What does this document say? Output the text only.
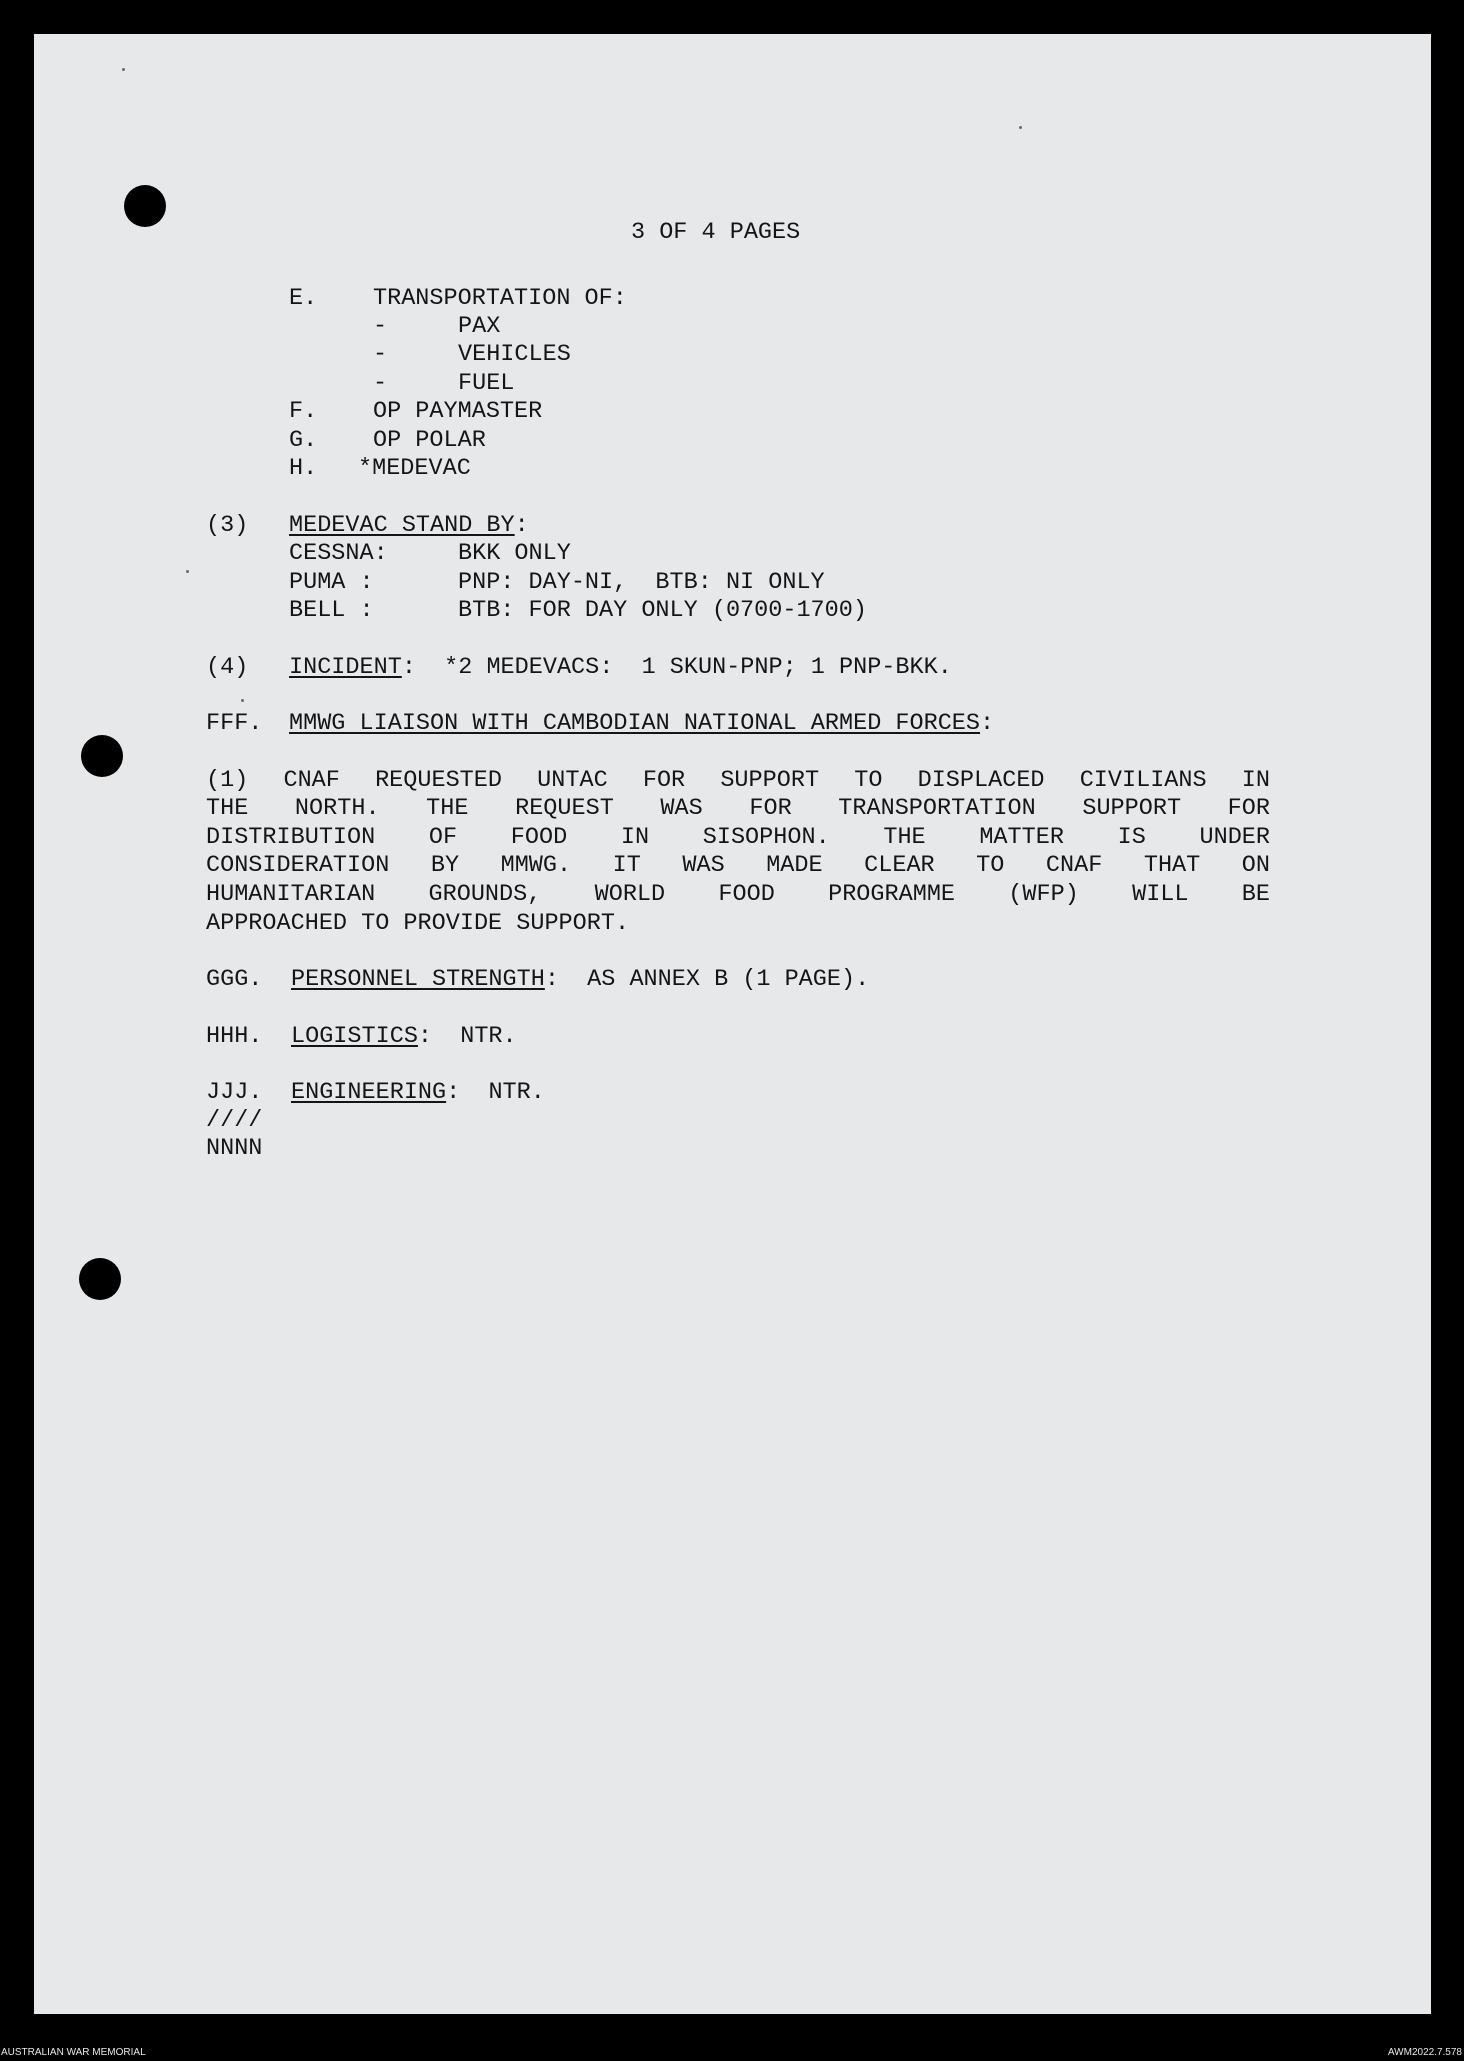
3 OF 4 PAGES
E. TRANSPORTATION OF:
-	PAX
-	VEHICLES
-	FUEL
F. OP PAYMASTER
G. OP POLAR
H. *MEDEVAC
(3) MEDEVAC STAND BY:
CESSNA:	BKK ONLY
PUMA :	PNP: DAY-NI,  BTB: NI ONLY
BELL :	BTB: FOR DAY ONLY (0700-1700)
(4) INCIDENT:  *2 MEDEVACS:  1 SKUN-PNP; 1 PNP-BKK.
FFF. MMWG LIAISON WITH CAMBODIAN NATIONAL ARMED FORCES:
(1) CNAF REQUESTED UNTAC FOR SUPPORT TO DISPLACED CIVILIANS IN
THE NORTH. THE REQUEST WAS FOR TRANSPORTATION SUPPORT FOR
DISTRIBUTION OF FOOD IN SISOPHON. THE MATTER IS UNDER
CONSIDERATION BY MMWG. IT WAS MADE CLEAR TO CNAF THAT ON
HUMANITARIAN GROUNDS, WORLD FOOD PROGRAMME (WFP) WILL BE
APPROACHED TO PROVIDE SUPPORT.
GGG. PERSONNEL STRENGTH:  AS ANNEX B (1 PAGE).
HHH. LOGISTICS:  NTR.
JJJ. ENGINEERING:  NTR.
////
NNNN
AUSTRALIAN WAR MEMORIAL	AWM2022.7.578
